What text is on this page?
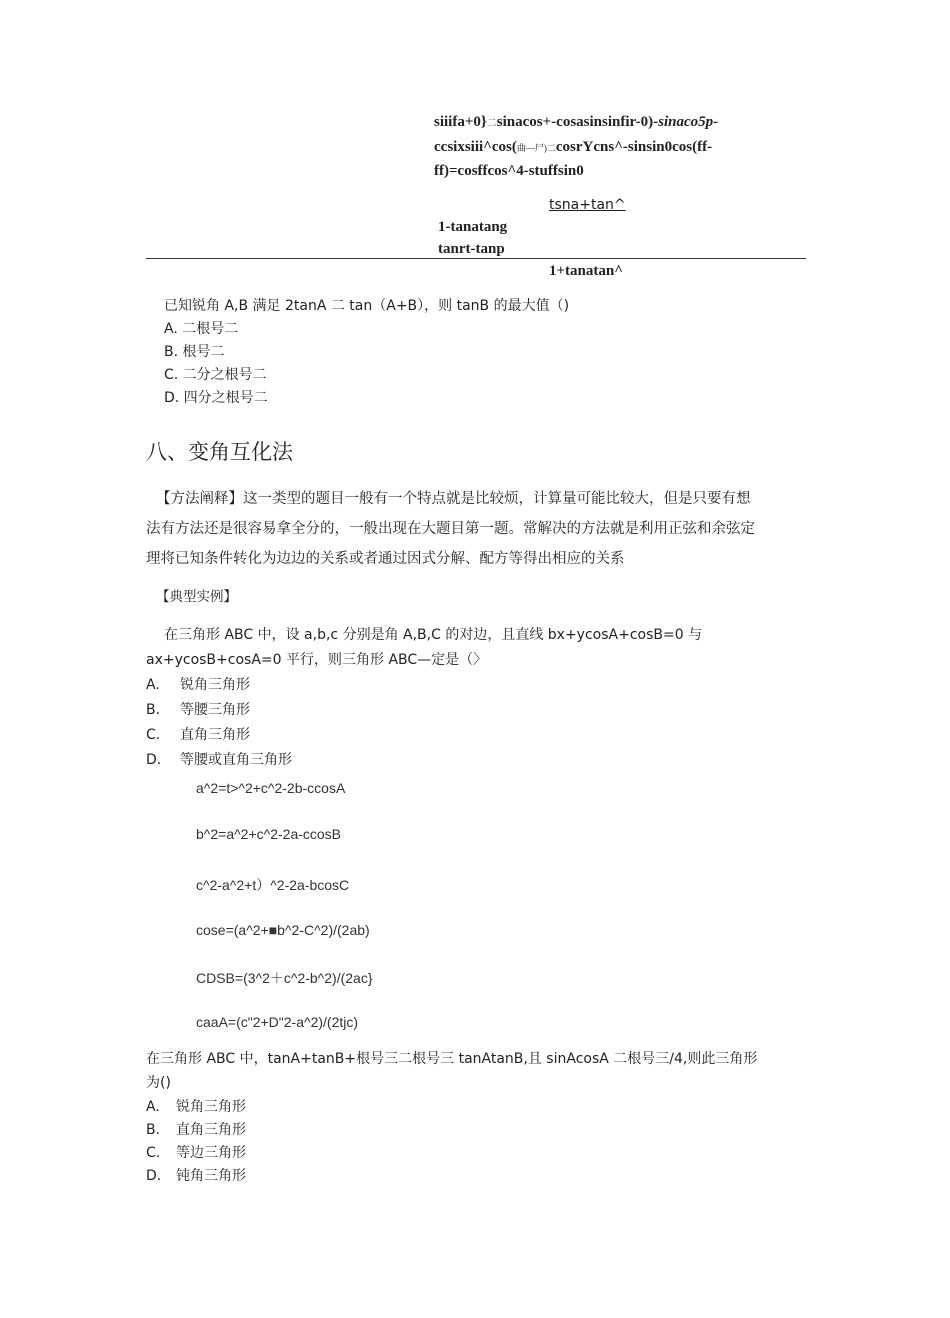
siiifa+0}二sinacos+-cosasinsinfir-0)-sinaco5p-
ccsixsiii^cos(曲—尸)二cosrYcns^-sinsin0cos(ff-
ff)=cosffcos^4-stuffsin0
tsna+tan^
1-tanatang
tanrt-tanp
1+tanatan^
已知锐角 A,B 满足 2tanA 二 tan（A+B），则 tanB 的最大值（)
A. 二根号二
B. 根号二
C. 二分之根号二
D. 四分之根号二
八、变角互化法
【方法阐释】这一类型的题目一般有一个特点就是比较烦，计算量可能比较大，但是只要有想
法有方法还是很容易拿全分的，一般出现在大题目第一题。常解决的方法就是利用正弦和余弦定
理将已知条件转化为边边的关系或者通过因式分解、配方等得出相应的关系
【典型实例】
在三角形 ABC 中，设 a,b,c 分别是角 A,B,C 的对边，且直线 bx+ycosA+cosB=0 与
ax+ycosB+cosA=0 平行，则三角形 ABC—定是（〉
A. 锐角三角形
B. 等腰三角形
C. 直角三角形
D. 等腰或直角三角形
a^2=t>^2+c^2-2b-ccosA
b^2=a^2+c^2-2a-ccosB
c^2-a^2+t）^2-2a-bcosC
cose=(a^2+■b^2-C^2)/(2ab)
CDSB=(3^2＋c^2-b^2)/(2ac}
caaA=(c"2+D"2-a^2)/(2tjc)
在三角形 ABC 中，tanA+tanB+根号三二根号三 tanAtanB,且 sinAcosA 二根号三/4,则此三角形
为()
A. 锐角三角形
B. 直角三角形
C. 等边三角形
D. 钝角三角形
